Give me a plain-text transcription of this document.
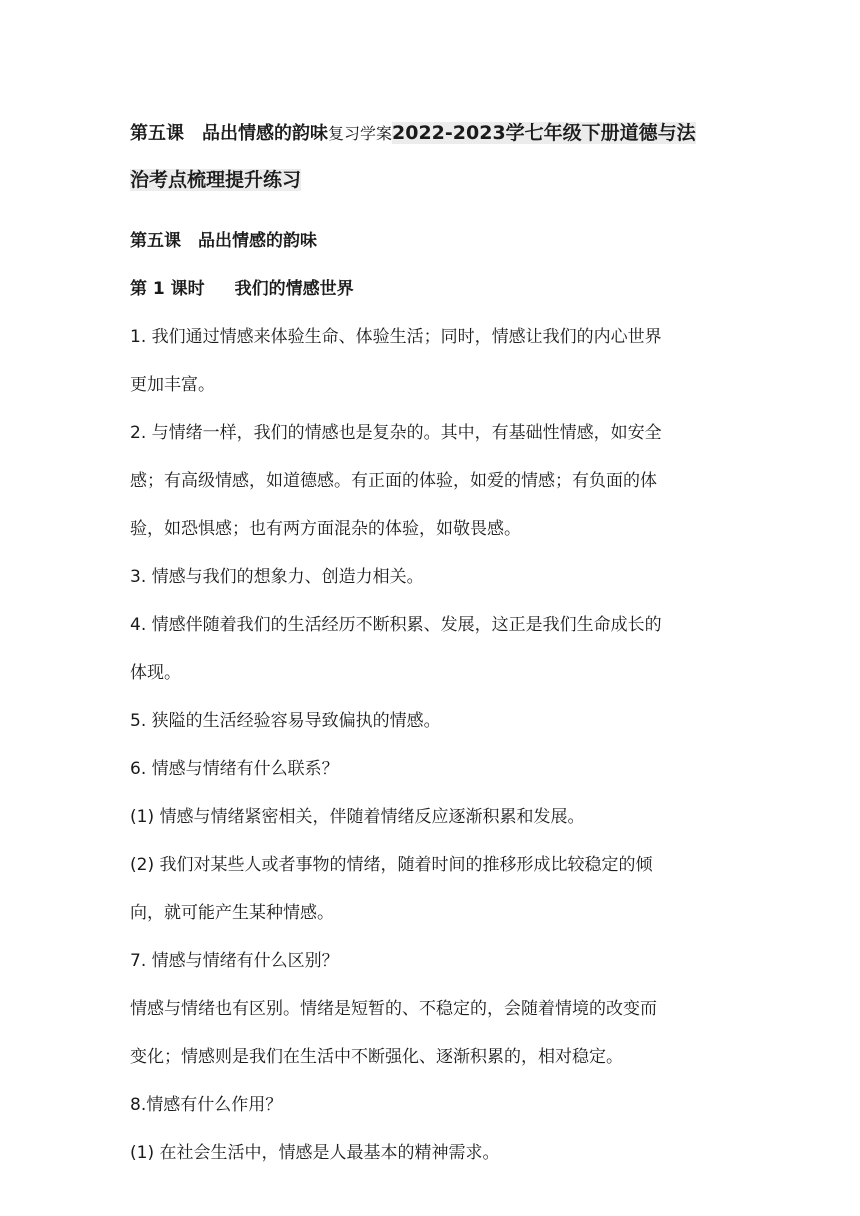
第五课　品出情感的韵味复习学案2022-2023学七年级下册道德与法
治考点梳理提升练习
第五课　品出情感的韵味
第 1 课时 我们的情感世界
1. 我们通过情感来体验生命、体验生活；同时，情感让我们的内心世界
更加丰富。
2. 与情绪一样，我们的情感也是复杂的。其中，有基础性情感，如安全
感；有高级情感，如道德感。有正面的体验，如爱的情感；有负面的体
验，如恐惧感；也有两方面混杂的体验，如敬畏感。
3. 情感与我们的想象力、创造力相关。
4. 情感伴随着我们的生活经历不断积累、发展，这正是我们生命成长的
体现。
5. 狭隘的生活经验容易导致偏执的情感。
6. 情感与情绪有什么联系？
(1) 情感与情绪紧密相关，伴随着情绪反应逐渐积累和发展。
(2) 我们对某些人或者事物的情绪，随着时间的推移形成比较稳定的倾
向，就可能产生某种情感。
7. 情感与情绪有什么区别？
情感与情绪也有区别。情绪是短暂的、不稳定的，会随着情境的改变而
变化；情感则是我们在生活中不断强化、逐渐积累的，相对稳定。
8.情感有什么作用？
(1) 在社会生活中，情感是人最基本的精神需求。
